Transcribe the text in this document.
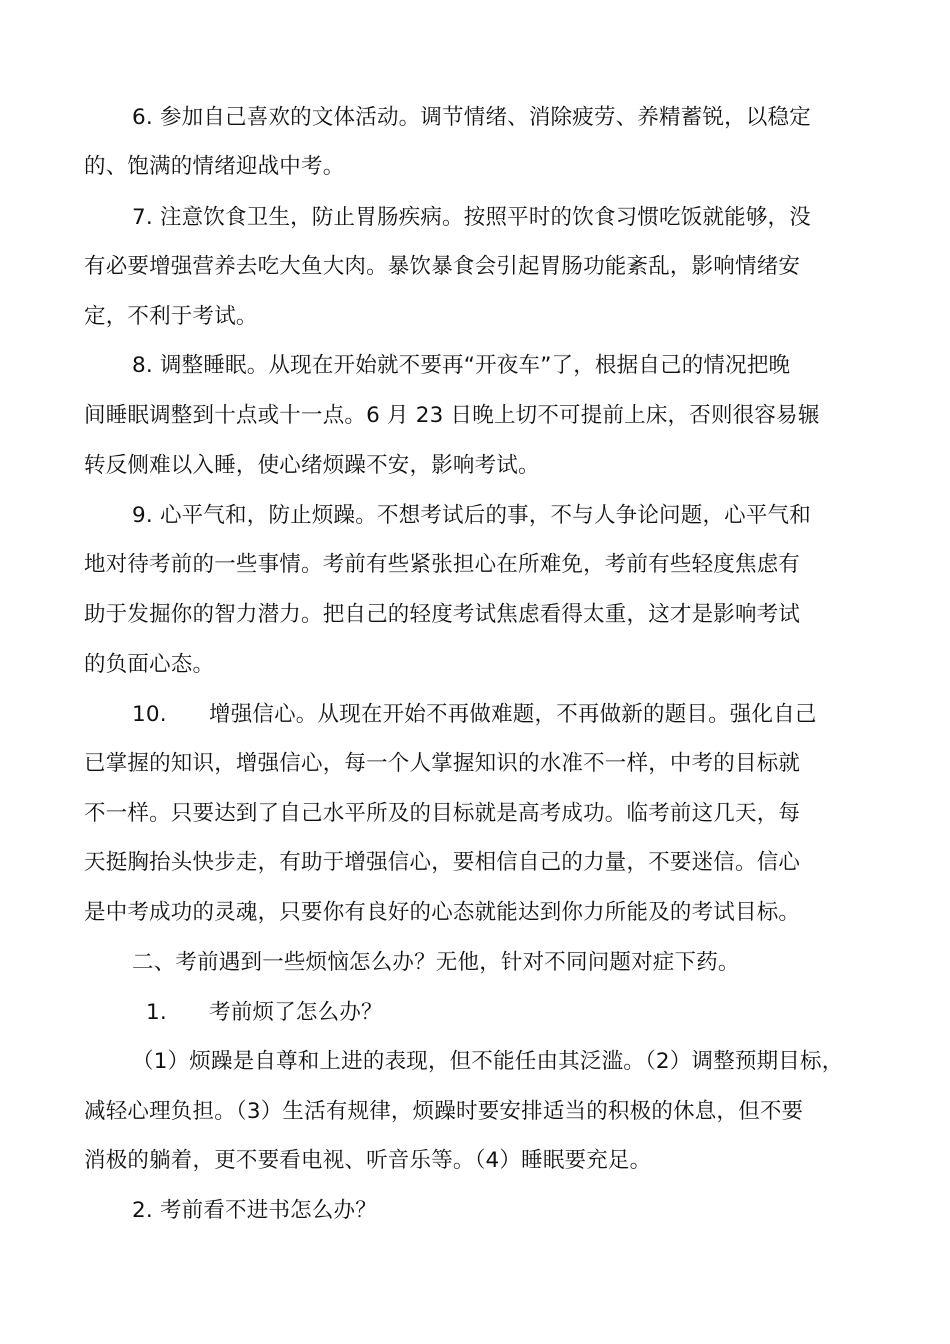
6. 参加自己喜欢的文体活动。调节情绪、消除疲劳、养精蓄锐，以稳定
的、饱满的情绪迎战中考。
7. 注意饮食卫生，防止胃肠疾病。按照平时的饮食习惯吃饭就能够，没
有必要增强营养去吃大鱼大肉。暴饮暴食会引起胃肠功能紊乱，影响情绪安
定，不利于考试。
8. 调整睡眠。从现在开始就不要再“开夜车”了，根据自己的情况把晚
间睡眠调整到十点或十一点。6 月 23 日晚上切不可提前上床，否则很容易辗
转反侧难以入睡，使心绪烦躁不安，影响考试。
9. 心平气和，防止烦躁。不想考试后的事，不与人争论问题，心平气和
地对待考前的一些事情。考前有些紧张担心在所难免，考前有些轻度焦虑有
助于发掘你的智力潜力。把自己的轻度考试焦虑看得太重，这才是影响考试
的负面心态。
10.      增强信心。从现在开始不再做难题，不再做新的题目。强化自己
已掌握的知识，增强信心，每一个人掌握知识的水准不一样，中考的目标就
不一样。只要达到了自己水平所及的目标就是高考成功。临考前这几天，每
天挺胸抬头快步走，有助于增强信心，要相信自己的力量，不要迷信。信心
是中考成功的灵魂，只要你有良好的心态就能达到你力所能及的考试目标。
二、考前遇到一些烦恼怎么办？无他，针对不同问题对症下药。
1.      考前烦了怎么办？
（1）烦躁是自尊和上进的表现，但不能任由其泛滥。（2）调整预期目标，
减轻心理负担。（3）生活有规律，烦躁时要安排适当的积极的休息，但不要
消极的躺着，更不要看电视、听音乐等。（4）睡眠要充足。
2. 考前看不进书怎么办？
